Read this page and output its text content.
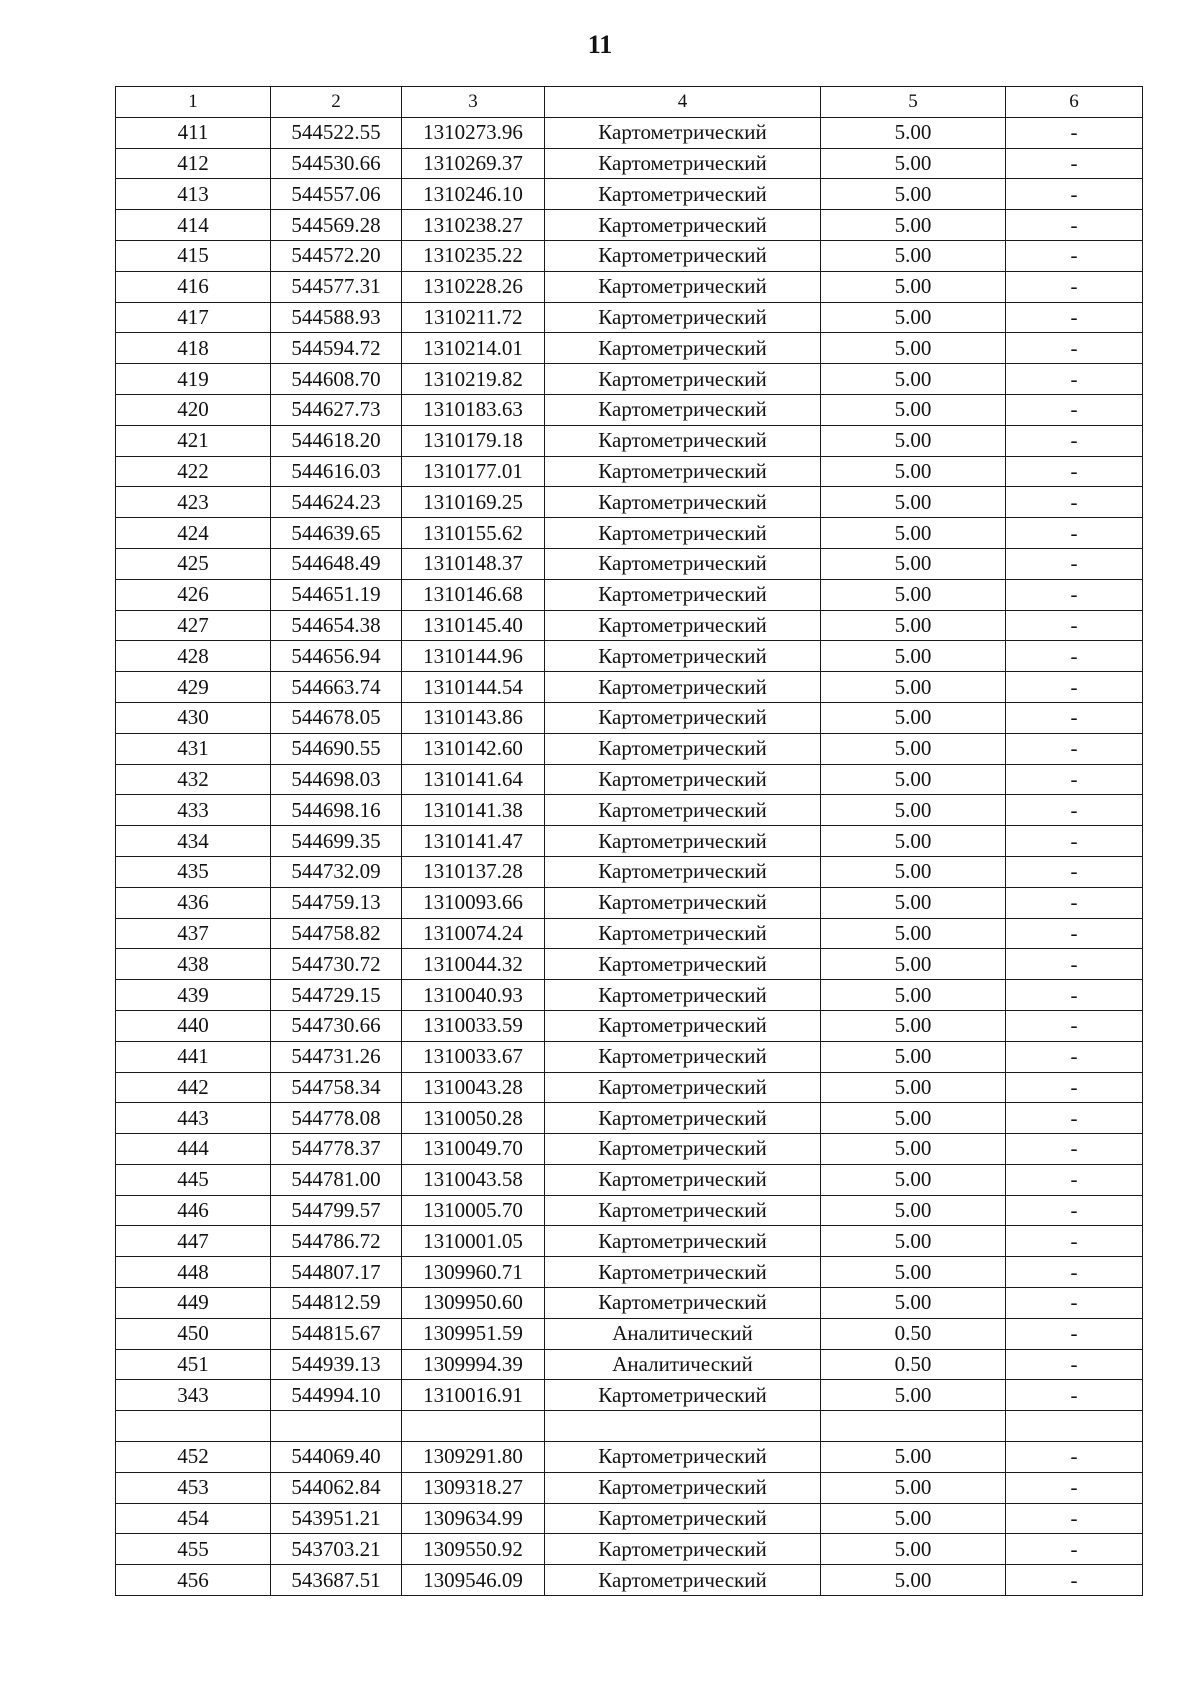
11
1	2	3	4	5	6
411	544522.55	1310273.96	Картометрический	5.00	-
412	544530.66	1310269.37	Картометрический	5.00	-
413	544557.06	1310246.10	Картометрический	5.00	-
414	544569.28	1310238.27	Картометрический	5.00	-
415	544572.20	1310235.22	Картометрический	5.00	-
416	544577.31	1310228.26	Картометрический	5.00	-
417	544588.93	1310211.72	Картометрический	5.00	-
418	544594.72	1310214.01	Картометрический	5.00	-
419	544608.70	1310219.82	Картометрический	5.00	-
420	544627.73	1310183.63	Картометрический	5.00	-
421	544618.20	1310179.18	Картометрический	5.00	-
422	544616.03	1310177.01	Картометрический	5.00	-
423	544624.23	1310169.25	Картометрический	5.00	-
424	544639.65	1310155.62	Картометрический	5.00	-
425	544648.49	1310148.37	Картометрический	5.00	-
426	544651.19	1310146.68	Картометрический	5.00	-
427	544654.38	1310145.40	Картометрический	5.00	-
428	544656.94	1310144.96	Картометрический	5.00	-
429	544663.74	1310144.54	Картометрический	5.00	-
430	544678.05	1310143.86	Картометрический	5.00	-
431	544690.55	1310142.60	Картометрический	5.00	-
432	544698.03	1310141.64	Картометрический	5.00	-
433	544698.16	1310141.38	Картометрический	5.00	-
434	544699.35	1310141.47	Картометрический	5.00	-
435	544732.09	1310137.28	Картометрический	5.00	-
436	544759.13	1310093.66	Картометрический	5.00	-
437	544758.82	1310074.24	Картометрический	5.00	-
438	544730.72	1310044.32	Картометрический	5.00	-
439	544729.15	1310040.93	Картометрический	5.00	-
440	544730.66	1310033.59	Картометрический	5.00	-
441	544731.26	1310033.67	Картометрический	5.00	-
442	544758.34	1310043.28	Картометрический	5.00	-
443	544778.08	1310050.28	Картометрический	5.00	-
444	544778.37	1310049.70	Картометрический	5.00	-
445	544781.00	1310043.58	Картометрический	5.00	-
446	544799.57	1310005.70	Картометрический	5.00	-
447	544786.72	1310001.05	Картометрический	5.00	-
448	544807.17	1309960.71	Картометрический	5.00	-
449	544812.59	1309950.60	Картометрический	5.00	-
450	544815.67	1309951.59	Аналитический	0.50	-
451	544939.13	1309994.39	Аналитический	0.50	-
343	544994.10	1310016.91	Картометрический	5.00	-

452	544069.40	1309291.80	Картометрический	5.00	-
453	544062.84	1309318.27	Картометрический	5.00	-
454	543951.21	1309634.99	Картометрический	5.00	-
455	543703.21	1309550.92	Картометрический	5.00	-
456	543687.51	1309546.09	Картометрический	5.00	-
